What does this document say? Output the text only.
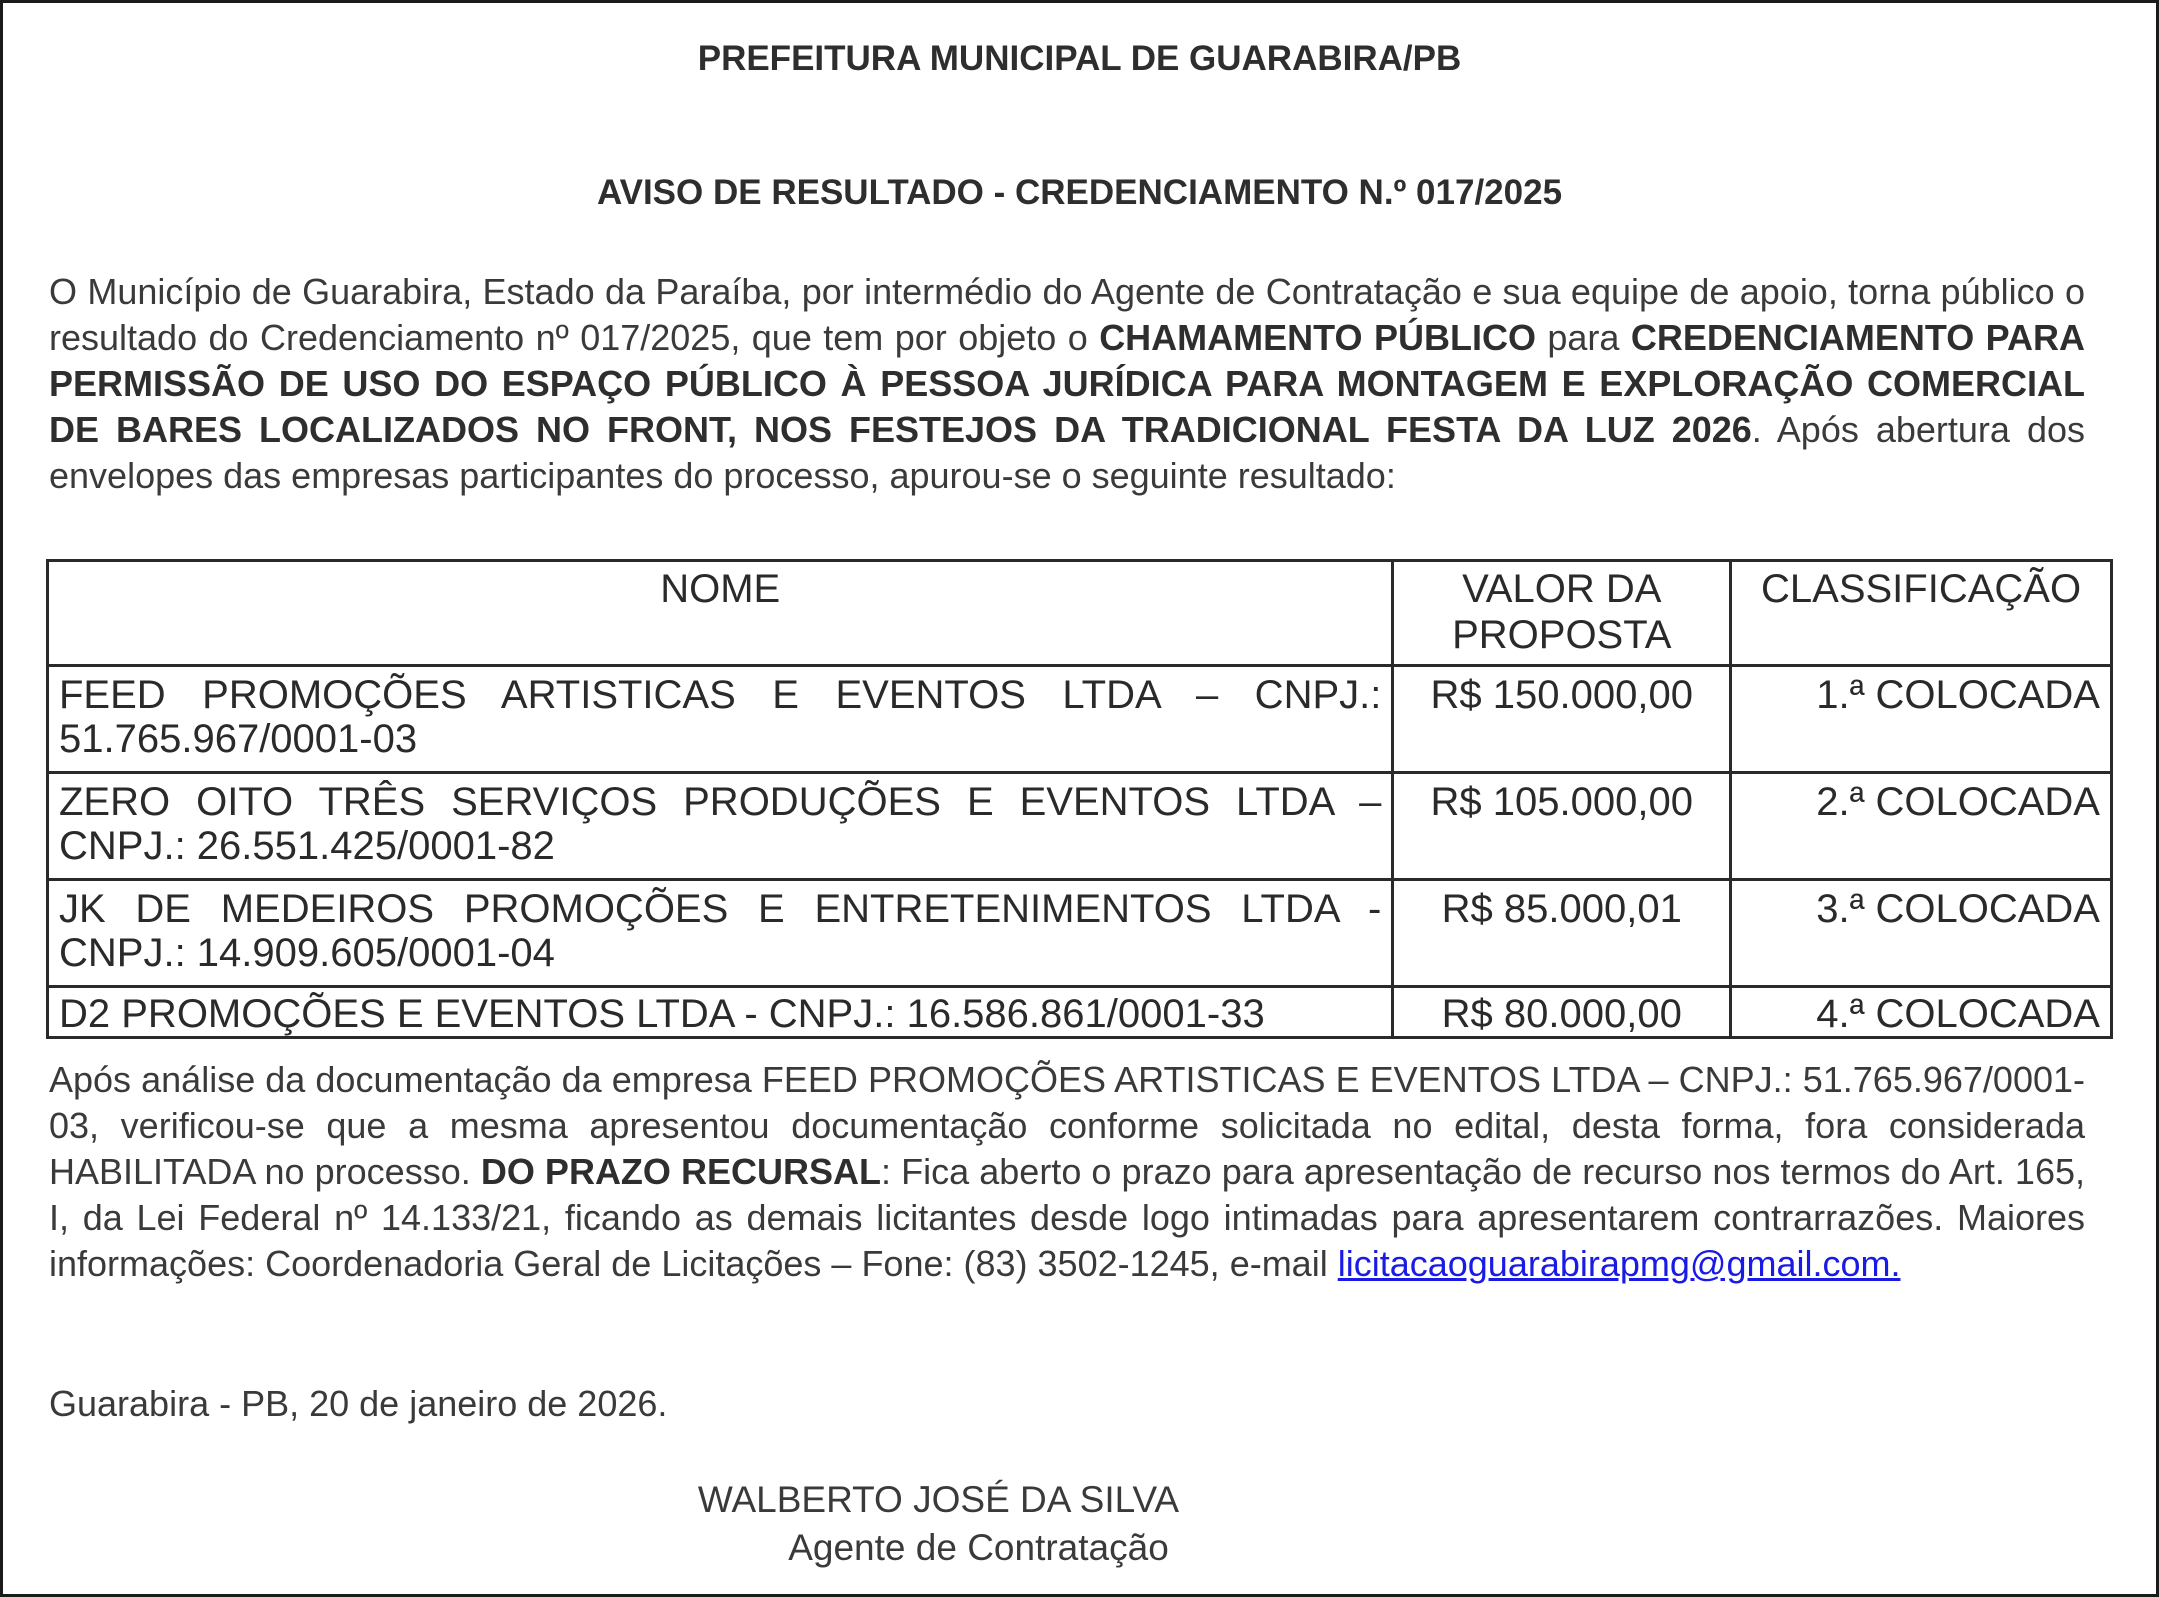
PREFEITURA MUNICIPAL DE GUARABIRA/PB
AVISO DE RESULTADO - CREDENCIAMENTO N.º 017/2025
O Município de Guarabira, Estado da Paraíba, por intermédio do Agente de Contratação e sua equipe de apoio, torna público o resultado do Credenciamento nº 017/2025, que tem por objeto o CHAMAMENTO PÚBLICO para CREDENCIAMENTO PARA PERMISSÃO DE USO DO ESPAÇO PÚBLICO À PESSOA JURÍDICA PARA MONTAGEM E EXPLORAÇÃO COMERCIAL DE BARES LOCALIZADOS NO FRONT, NOS FESTEJOS DA TRADICIONAL FESTA DA LUZ 2026. Após abertura dos envelopes das empresas participantes do processo, apurou-se o seguinte resultado:
NOME	VALOR DA PROPOSTA	CLASSIFICAÇÃO
FEED PROMOÇÕES ARTISTICAS E EVENTOS LTDA – CNPJ.: 51.765.967/0001-03	R$ 150.000,00	1.ª COLOCADA
ZERO OITO TRÊS SERVIÇOS PRODUÇÕES E EVENTOS LTDA – CNPJ.: 26.551.425/0001-82	R$ 105.000,00	2.ª COLOCADA
JK DE MEDEIROS PROMOÇÕES E ENTRETENIMENTOS LTDA - CNPJ.: 14.909.605/0001-04	R$ 85.000,01	3.ª COLOCADA
D2 PROMOÇÕES E EVENTOS LTDA - CNPJ.: 16.586.861/0001-33	R$ 80.000,00	4.ª COLOCADA
Após análise da documentação da empresa FEED PROMOÇÕES ARTISTICAS E EVENTOS LTDA – CNPJ.: 51.765.967/0001-03, verificou-se que a mesma apresentou documentação conforme solicitada no edital, desta forma, fora considerada HABILITADA no processo. DO PRAZO RECURSAL: Fica aberto o prazo para apresentação de recurso nos termos do Art. 165, I, da Lei Federal nº 14.133/21, ficando as demais licitantes desde logo intimadas para apresentarem contrarrazões. Maiores informações: Coordenadoria Geral de Licitações – Fone: (83) 3502-1245, e-mail licitacaoguarabirapmg@gmail.com.
Guarabira - PB, 20 de janeiro de 2026.
WALBERTO JOSÉ DA SILVA
Agente de Contratação
